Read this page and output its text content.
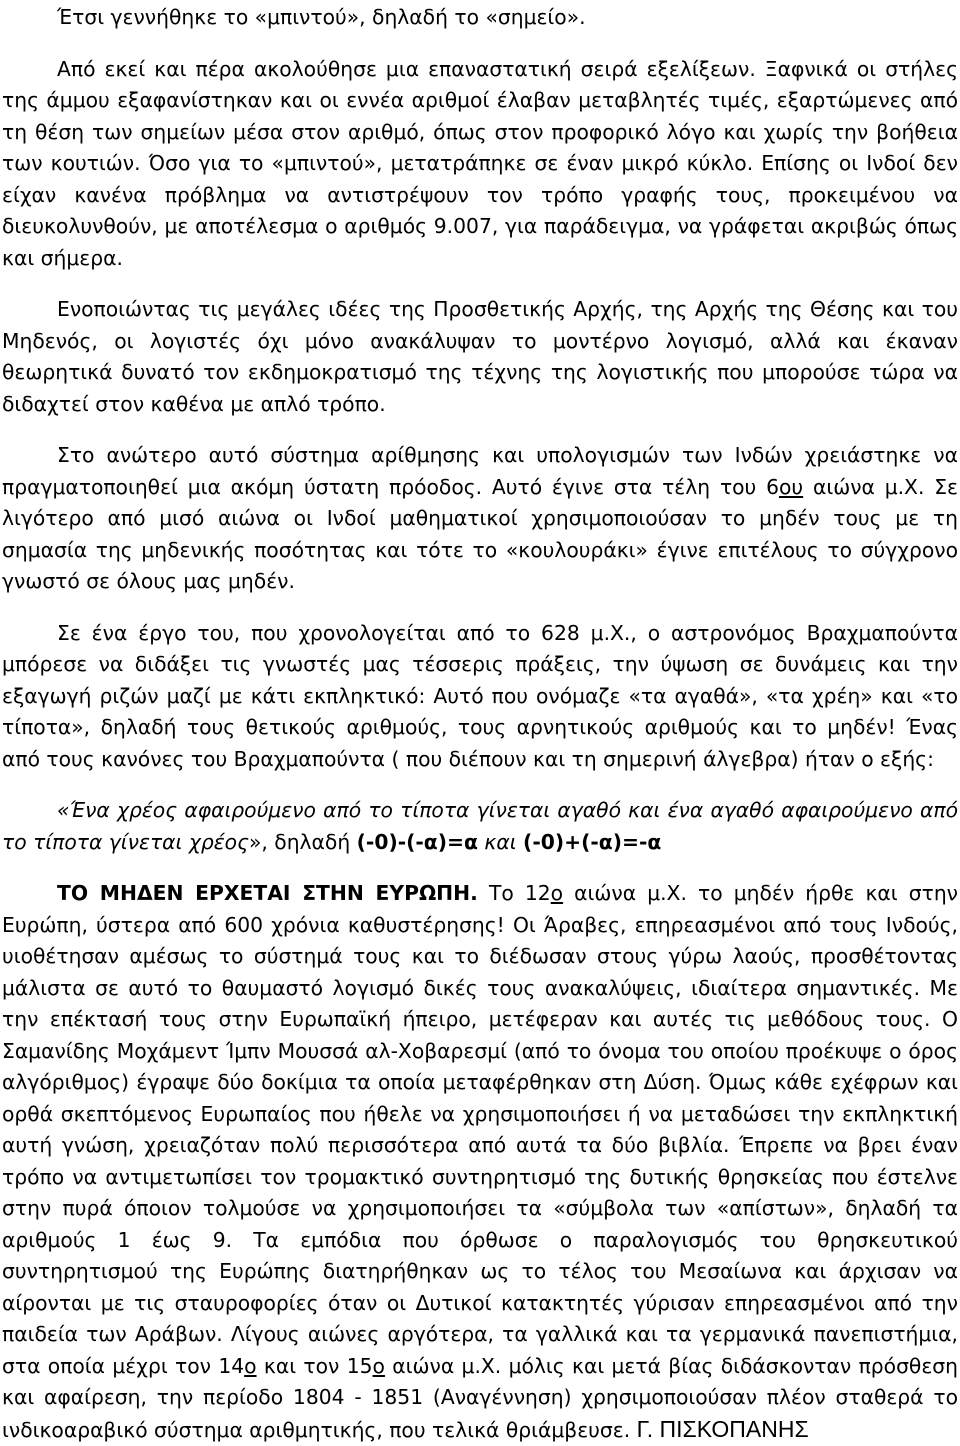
Έτσι γεννήθηκε το «μπιντού», δηλαδή το «σημείο».

Από εκεί και πέρα ακολούθησε μια επαναστατική σειρά εξελίξεων. Ξαφνικά οι στήλες της άμμου εξαφανίστηκαν και οι εννέα αριθμοί έλαβαν μεταβλητές τιμές, εξαρτώμενες από τη θέση των σημείων μέσα στον αριθμό, όπως στον προφορικό λόγο και χωρίς την βοήθεια των κουτιών. Όσο για το «μπιντού», μετατράπηκε σε έναν μικρό κύκλο. Επίσης οι Ινδοί δεν είχαν κανένα πρόβλημα να αντιστρέψουν τον τρόπο γραφής τους, προκειμένου να διευκολυνθούν, με αποτέλεσμα ο αριθμός 9.007, για παράδειγμα, να γράφεται ακριβώς όπως και σήμερα.

Ενοποιώντας τις μεγάλες ιδέες της Προσθετικής Αρχής, της Αρχής της Θέσης και του Μηδενός, οι λογιστές όχι μόνο ανακάλυψαν το μοντέρνο λογισμό, αλλά και έκαναν θεωρητικά δυνατό τον εκδημοκρατισμό της τέχνης της λογιστικής που μπορούσε τώρα να διδαχτεί στον καθένα με απλό τρόπο.

Στο ανώτερο αυτό σύστημα αρίθμησης και υπολογισμών των Ινδών χρειάστηκε να πραγματοποιηθεί μια ακόμη ύστατη πρόοδος. Αυτό έγινε στα τέλη του 6ου αιώνα μ.Χ. Σε λιγότερο από μισό αιώνα οι Ινδοί μαθηματικοί χρησιμοποιούσαν το μηδέν τους με τη σημασία της μηδενικής ποσότητας και τότε το «κουλουράκι» έγινε επιτέλους το σύγχρονο γνωστό σε όλους μας μηδέν.

Σε ένα έργο του, που χρονολογείται από το 628 μ.Χ., ο αστρονόμος Βραχμαπούντα μπόρεσε να διδάξει τις γνωστές μας τέσσερις πράξεις, την ύψωση σε δυνάμεις και την εξαγωγή ριζών μαζί με κάτι εκπληκτικό: Αυτό που ονόμαζε «τα αγαθά», «τα χρέη» και «το τίποτα», δηλαδή τους θετικούς αριθμούς, τους αρνητικούς αριθμούς και το μηδέν! Ένας από τους κανόνες του Βραχμαπούντα ( που διέπουν και τη σημερινή άλγεβρα) ήταν ο εξής:

«Ένα χρέος αφαιρούμενο από το τίποτα γίνεται αγαθό και ένα αγαθό αφαιρούμενο από το τίποτα γίνεται χρέος», δηλαδή (-0)-(-α)=α και (-0)+(-α)=-α

ΤΟ ΜΗΔΕΝ ΕΡΧΕΤΑΙ ΣΤΗΝ ΕΥΡΩΠΗ. Το 12ο αιώνα μ.Χ. το μηδέν ήρθε και στην Ευρώπη, ύστερα από 600 χρόνια καθυστέρησης! Οι Άραβες, επηρεασμένοι από τους Ινδούς, υιοθέτησαν αμέσως το σύστημά τους και το διέδωσαν στους γύρω λαούς, προσθέτοντας μάλιστα σε αυτό το θαυμαστό λογισμό δικές τους ανακαλύψεις, ιδιαίτερα σημαντικές. Με την επέκτασή τους στην Ευρωπαϊκή ήπειρο, μετέφεραν και αυτές τις μεθόδους τους. Ο Σαμανίδης Μοχάμεντ Ίμπν Μουσσά αλ-Χοβαρεσμί (από το όνομα του οποίου προέκυψε ο όρος αλγόριθμος) έγραψε δύο δοκίμια τα οποία μεταφέρθηκαν στη Δύση. Όμως κάθε εχέφρων και ορθά σκεπτόμενος Ευρωπαίος που ήθελε να χρησιμοποιήσει ή να μεταδώσει την εκπληκτική αυτή γνώση, χρειαζόταν πολύ περισσότερα από αυτά τα δύο βιβλία. Έπρεπε να βρει έναν τρόπο να αντιμετωπίσει τον τρομακτικό συντηρητισμό της δυτικής θρησκείας που έστελνε στην πυρά όποιον τολμούσε να χρησιμοποιήσει τα «σύμβολα των «απίστων», δηλαδή τα αριθμούς 1 έως 9. Τα εμπόδια που όρθωσε ο παραλογισμός του θρησκευτικού συντηρητισμού της Ευρώπης διατηρήθηκαν ως το τέλος του Μεσαίωνα και άρχισαν να αίρονται με τις σταυροφορίες όταν οι Δυτικοί κατακτητές γύρισαν επηρεασμένοι από την παιδεία των Αράβων. Λίγους αιώνες αργότερα, τα γαλλικά και τα γερμανικά πανεπιστήμια, στα οποία μέχρι τον 14ο και τον 15ο αιώνα μ.Χ. μόλις και μετά βίας διδάσκονταν πρόσθεση και αφαίρεση, την περίοδο 1804 - 1851 (Αναγέννηση) χρησιμοποιούσαν πλέον σταθερά το ινδικοαραβικό σύστημα αριθμητικής, που τελικά θριάμβευσε. Γ. ΠΙΣΚΟΠΑΝΗΣ
